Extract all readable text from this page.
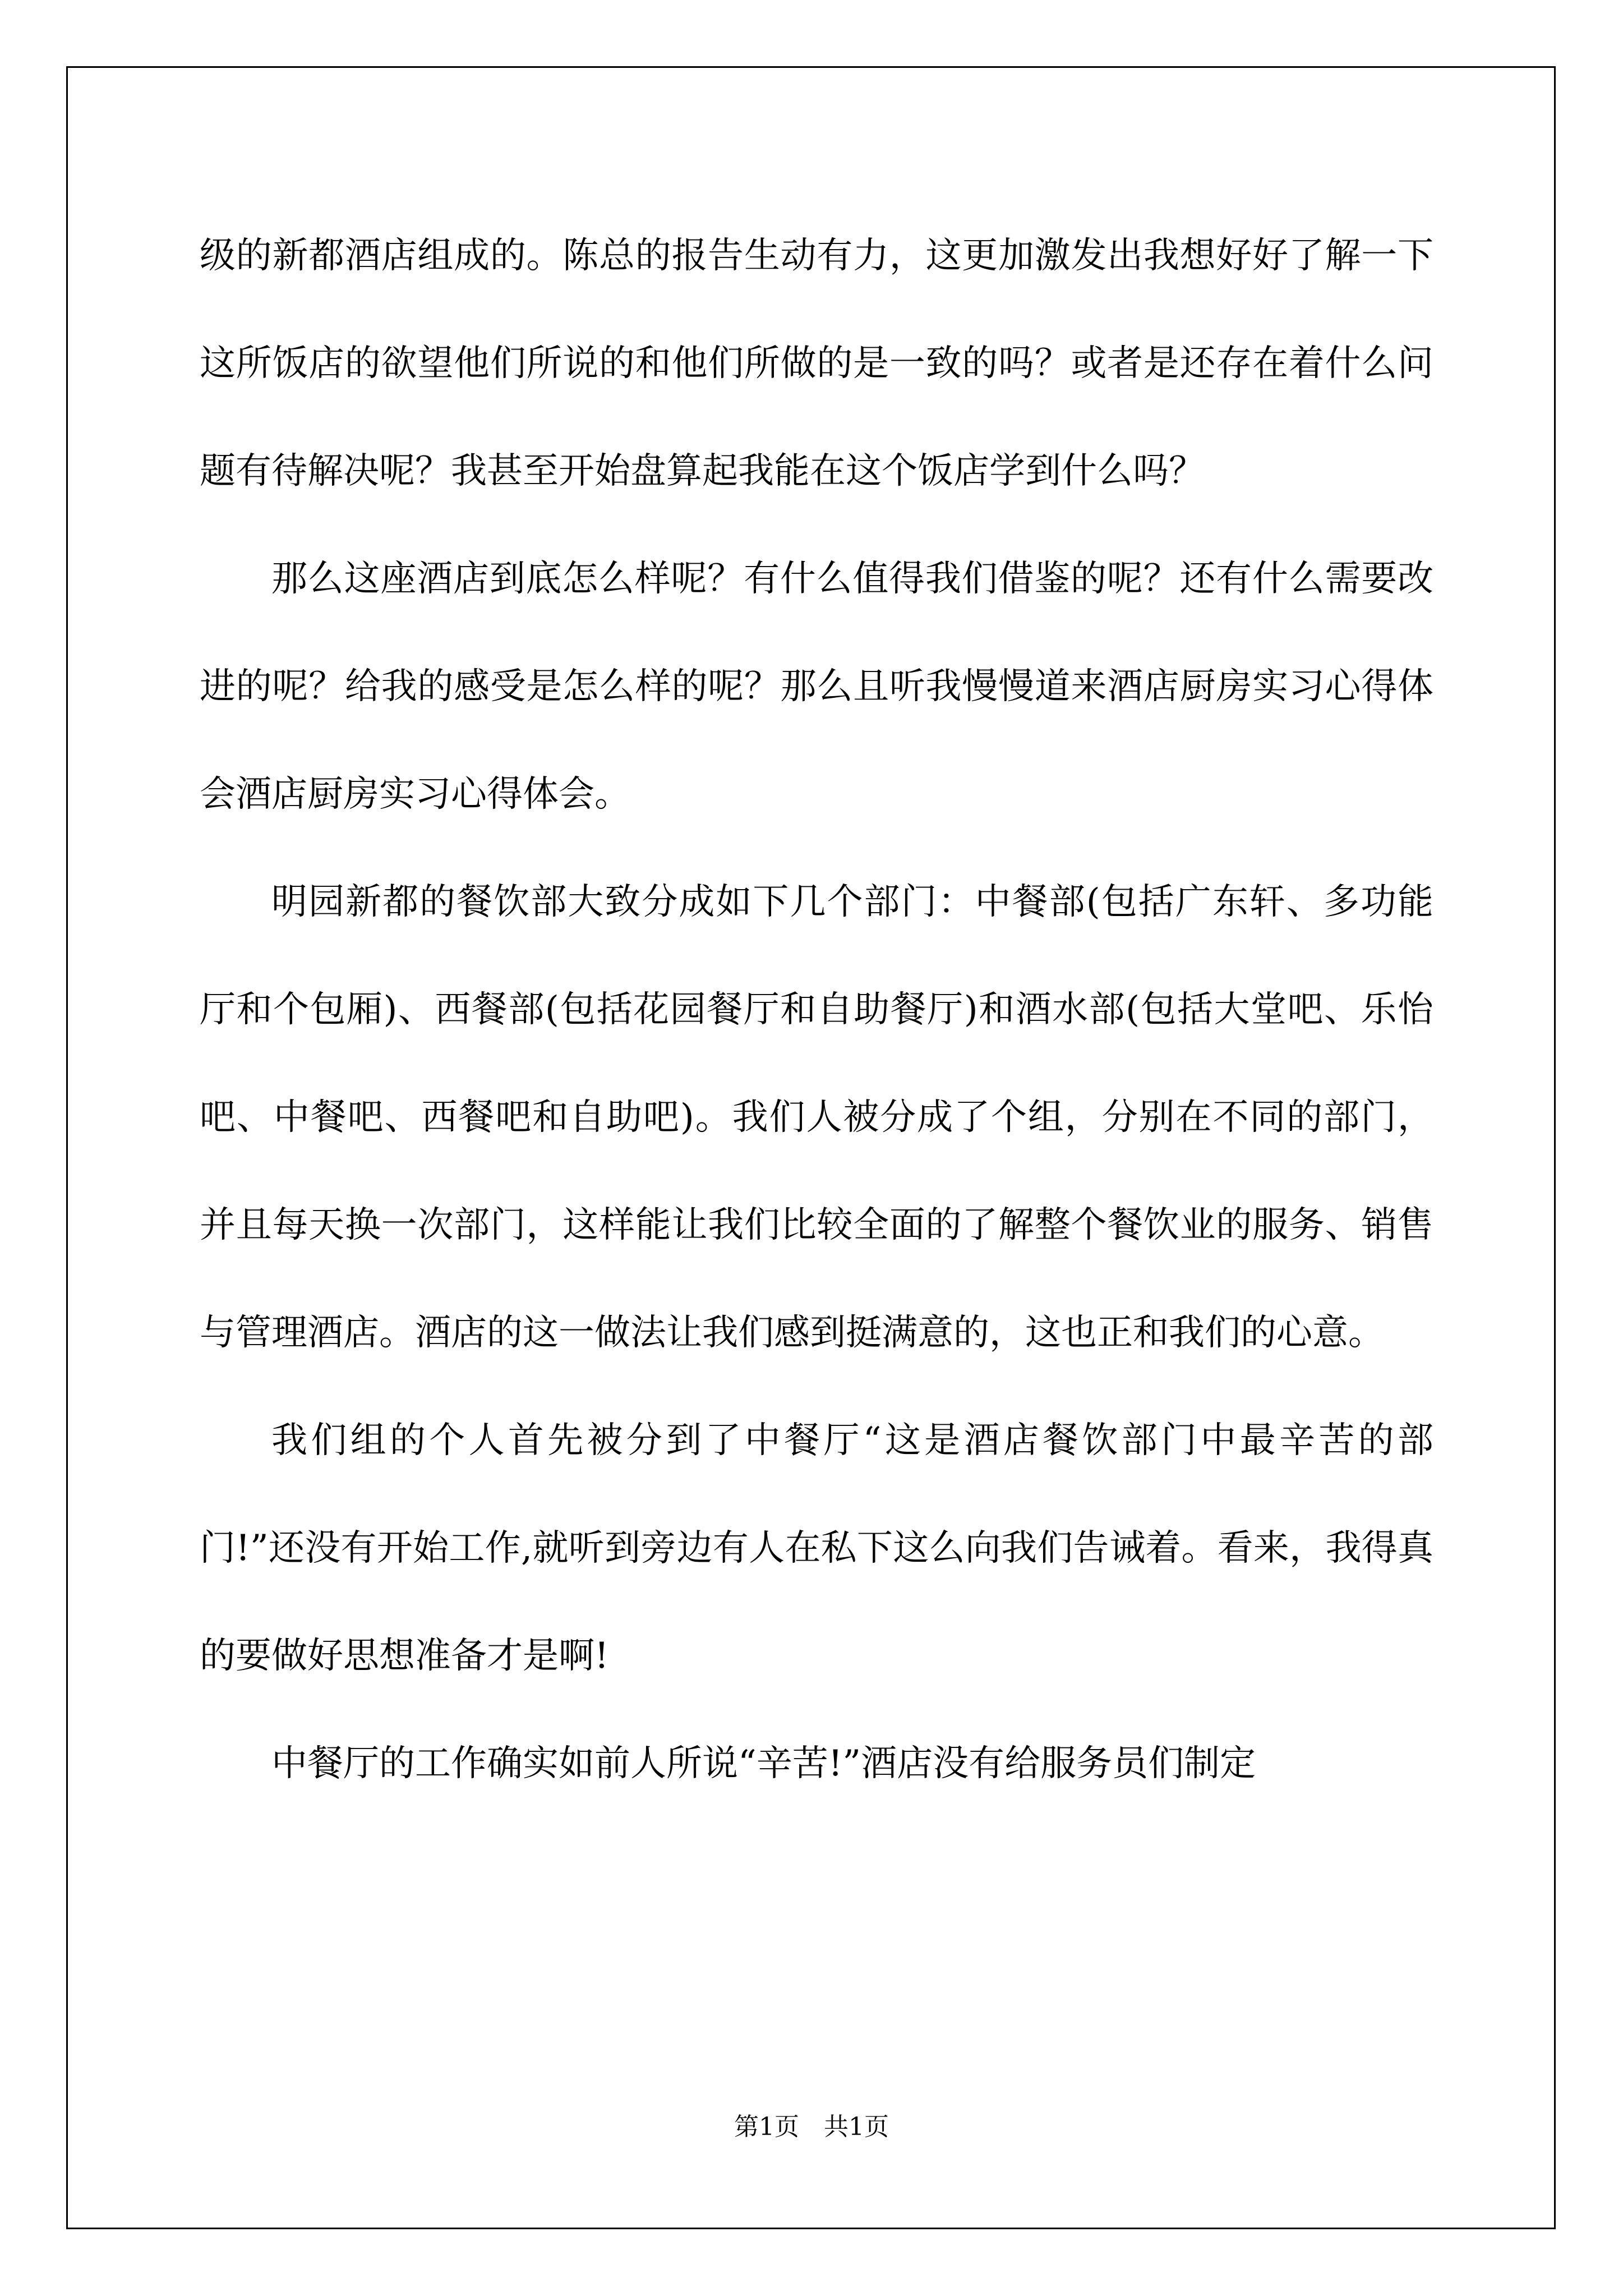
级的新都酒店组成的。陈总的报告生动有力，这更加激发出我想好好了解一下这所饭店的欲望他们所说的和他们所做的是一致的吗？或者是还存在着什么问题有待解决呢？我甚至开始盘算起我能在这个饭店学到什么吗？

那么这座酒店到底怎么样呢？有什么值得我们借鉴的呢？还有什么需要改进的呢？给我的感受是怎么样的呢？那么且听我慢慢道来酒店厨房实习心得体会酒店厨房实习心得体会。

明园新都的餐饮部大致分成如下几个部门：中餐部(包括广东轩、多功能厅和个包厢)、西餐部(包括花园餐厅和自助餐厅)和酒水部(包括大堂吧、乐怡吧、中餐吧、西餐吧和自助吧)。我们人被分成了个组，分别在不同的部门，并且每天换一次部门，这样能让我们比较全面的了解整个餐饮业的服务、销售与管理酒店。酒店的这一做法让我们感到挺满意的，这也正和我们的心意。

我们组的个人首先被分到了中餐厅“这是酒店餐饮部门中最辛苦的部门!”还没有开始工作,就听到旁边有人在私下这么向我们告诫着。看来，我得真的要做好思想准备才是啊!

中餐厅的工作确实如前人所说“辛苦!”酒店没有给服务员们制定

第1页 共1页
